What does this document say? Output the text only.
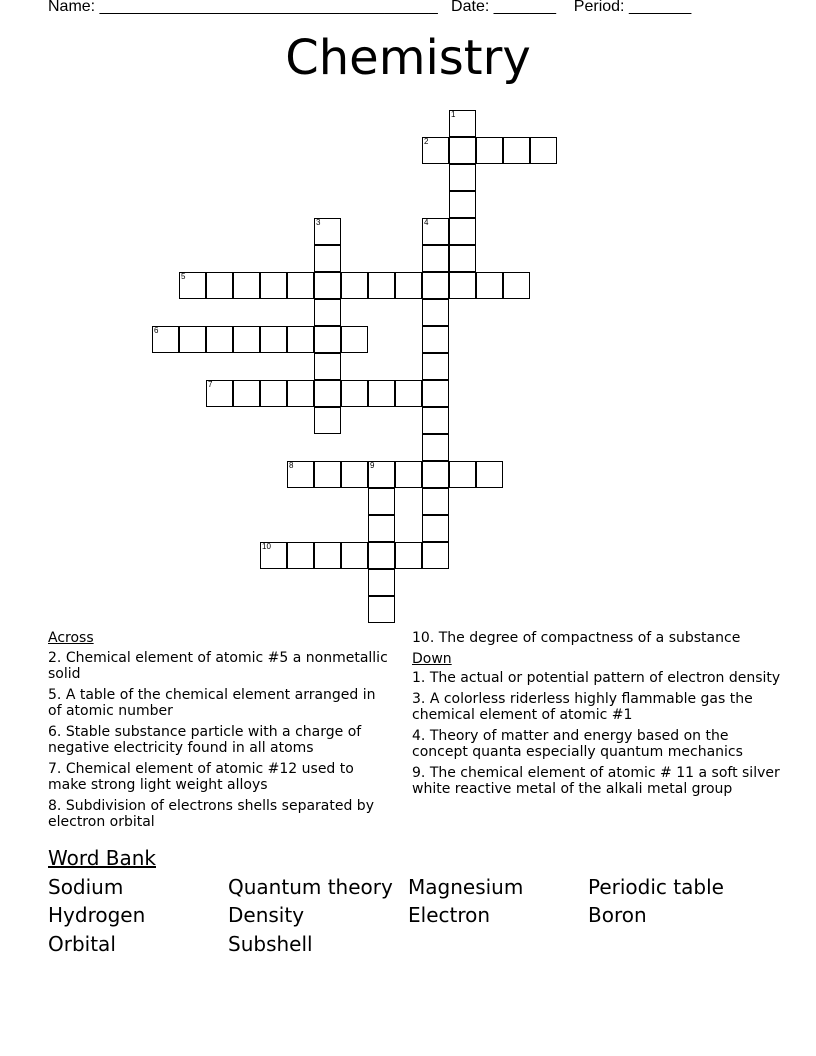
Name: ______________________________________   Date: _______    Period: _______
Chemistry
1
2
3	4
5
6
7
8	9
10
Across
2. Chemical element of atomic #5 a nonmetallic solid
5. A table of the chemical element arranged in of atomic number
6. Stable substance particle with a charge of negative electricity found in all atoms
7. Chemical element of atomic #12 used to make strong light weight alloys
8. Subdivision of electrons shells separated by electron orbital
10. The degree of compactness of a substance
Down
1. The actual or potential pattern of electron density
3. A colorless riderless highly flammable gas the chemical element of atomic #1
4. Theory of matter and energy based on the concept quanta especially quantum mechanics
9. The chemical element of atomic # 11 a soft silver white reactive metal of the alkali metal group
Word Bank
Sodium	Quantum theory Magnesium	Periodic table
Hydrogen	Density	Electron	Boron
Orbital	Subshell
